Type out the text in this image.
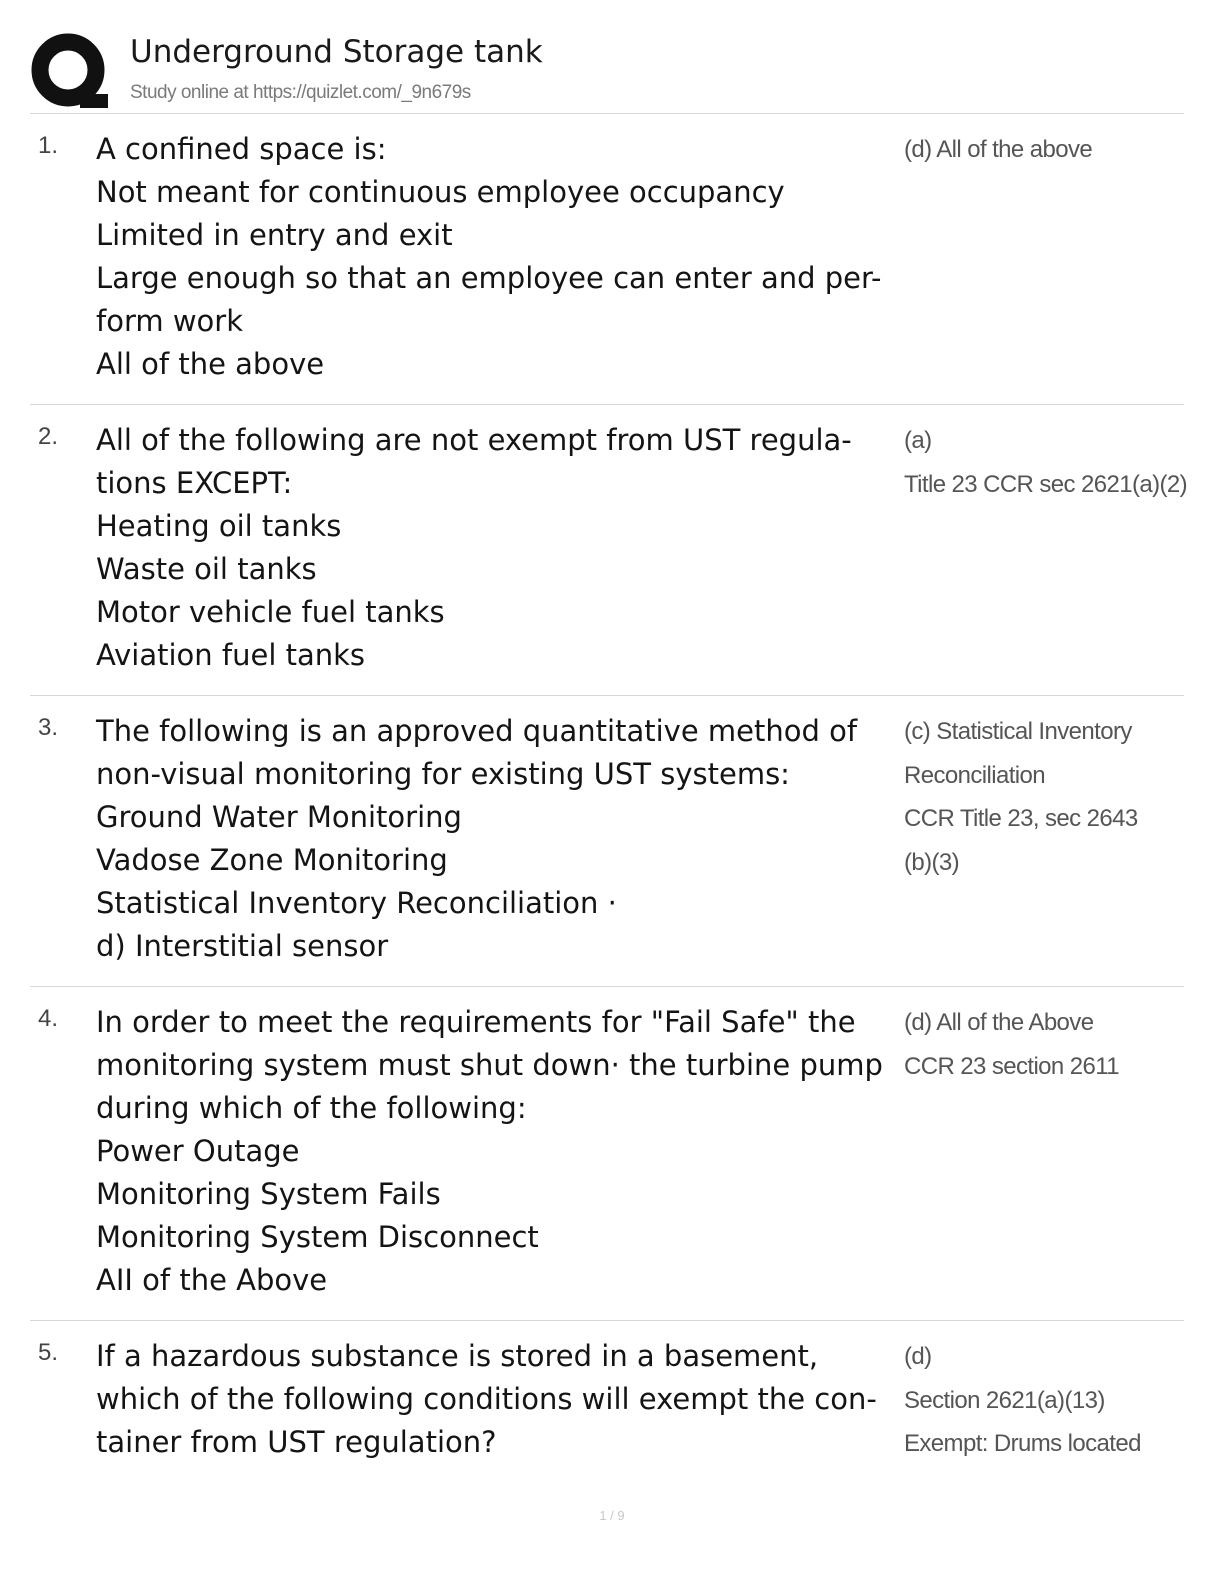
Underground Storage tank
Study online at https://quizlet.com/_9n679s
1. A confined space is:
Not meant for continuous employee occupancy
Limited in entry and exit
Large enough so that an employee can enter and per-
form work
All of the above
(d) All of the above
2. All of the following are not exempt from UST regula-
tions EXCEPT:
Heating oil tanks
Waste oil tanks
Motor vehicle fuel tanks
Aviation fuel tanks
(a)
Title 23 CCR sec 2621(a)(2)
3. The following is an approved quantitative method of
non-visual monitoring for existing UST systems:
Ground Water Monitoring
Vadose Zone Monitoring
Statistical Inventory Reconciliation ·
d) Interstitial sensor
(c) Statistical Inventory
Reconciliation
CCR Title 23, sec 2643
(b)(3)
4. In order to meet the requirements for "Fail Safe" the
monitoring system must shut down· the turbine pump
during which of the following:
Power Outage
Monitoring System Fails
Monitoring System Disconnect
AII of the Above
(d) All of the Above
CCR 23 section 2611
5. If a hazardous substance is stored in a basement,
which of the following conditions will exempt the con-
tainer from UST regulation?
(d)
Section 2621(a)(13)
Exempt: Drums located
1 / 9
